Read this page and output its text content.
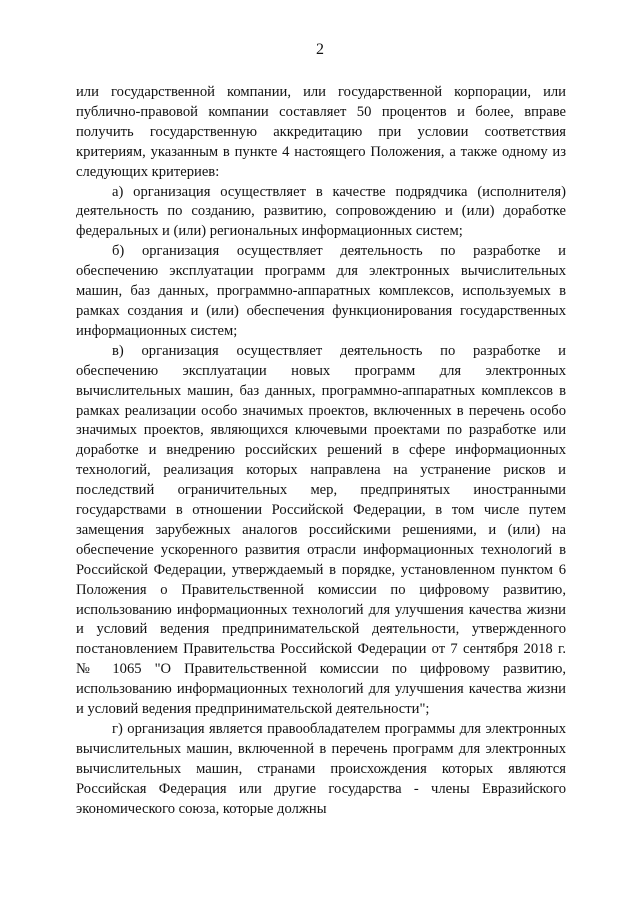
2

или государственной компании, или государственной корпорации, или публично-правовой компании составляет 50 процентов и более, вправе получить государственную аккредитацию при условии соответствия критериям, указанным в пункте 4 настоящего Положения, а также одному из следующих критериев:

а) организация осуществляет в качестве подрядчика (исполнителя) деятельность по созданию, развитию, сопровождению и (или) доработке федеральных и (или) региональных информационных систем;

б) организация осуществляет деятельность по разработке и обеспечению эксплуатации программ для электронных вычислительных машин, баз данных, программно-аппаратных комплексов, используемых в рамках создания и (или) обеспечения функционирования государственных информационных систем;

в) организация осуществляет деятельность по разработке и обеспечению эксплуатации новых программ для электронных вычислительных машин, баз данных, программно-аппаратных комплексов в рамках реализации особо значимых проектов, включенных в перечень особо значимых проектов, являющихся ключевыми проектами по разработке или доработке и внедрению российских решений в сфере информационных технологий, реализация которых направлена на устранение рисков и последствий ограничительных мер, предпринятых иностранными государствами в отношении Российской Федерации, в том числе путем замещения зарубежных аналогов российскими решениями, и (или) на обеспечение ускоренного развития отрасли информационных технологий в Российской Федерации, утверждаемый в порядке, установленном пунктом 6 Положения о Правительственной комиссии по цифровому развитию, использованию информационных технологий для улучшения качества жизни и условий ведения предпринимательской деятельности, утвержденного постановлением Правительства Российской Федерации от 7 сентября 2018 г. № 1065 "О Правительственной комиссии по цифровому развитию, использованию информационных технологий для улучшения качества жизни и условий ведения предпринимательской деятельности";

г) организация является правообладателем программы для электронных вычислительных машин, включенной в перечень программ для электронных вычислительных машин, странами происхождения которых являются Российская Федерация или другие государства - члены Евразийского экономического союза, которые должны
